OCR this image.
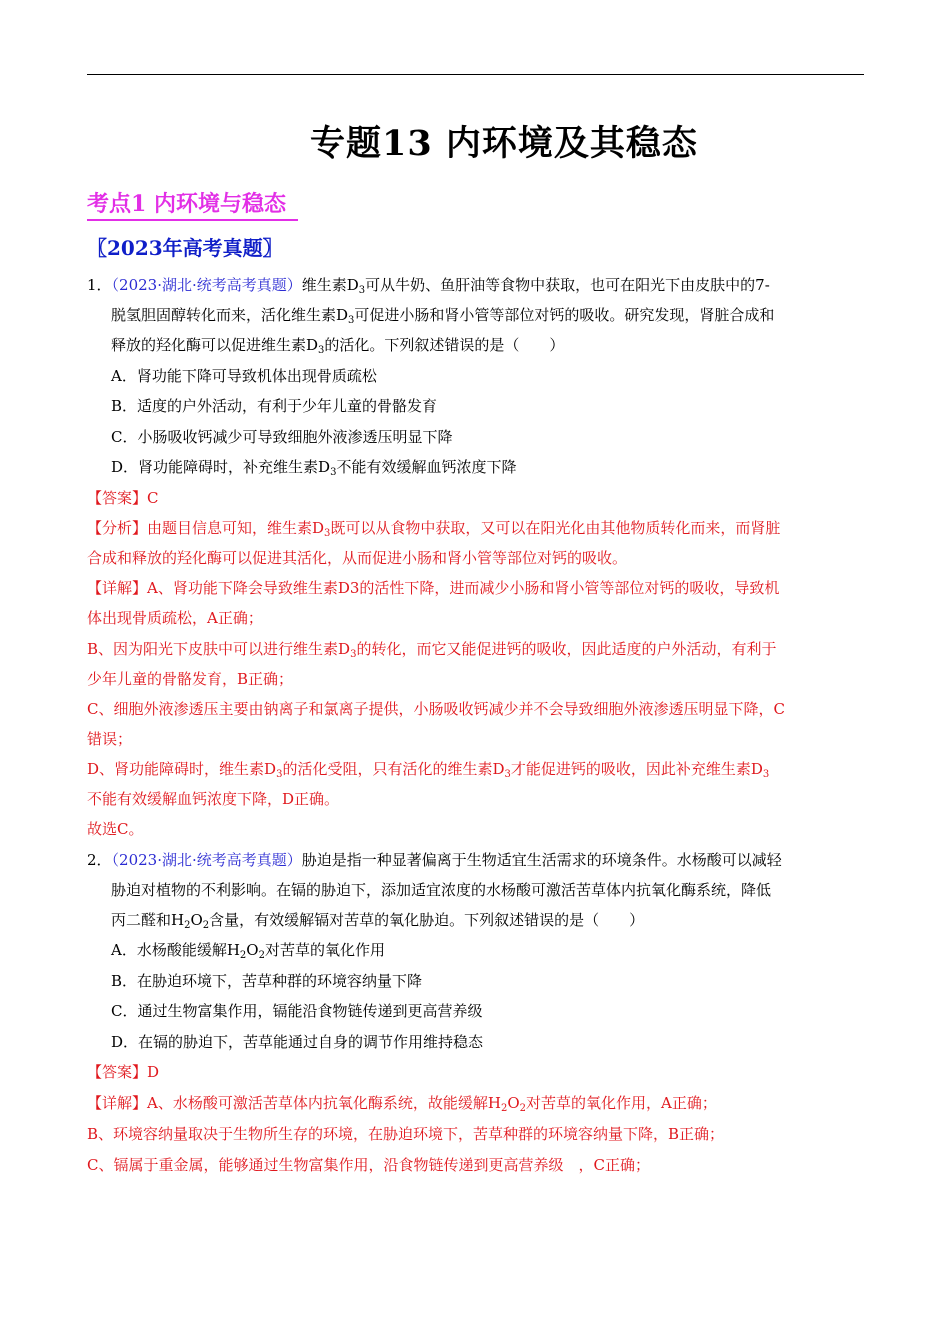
专题13 内环境及其稳态
考点1 内环境与稳态
〖2023年高考真题〗
1．（2023·湖北·统考高考真题）维生素$D_3$可从牛奶、鱼肝油等食物中获取，也可在阳光下由皮肤中的7-
脱氢胆固醇转化而来，活化维生素$D_3$可促进小肠和肾小管等部位对钙的吸收。研究发现，肾脏合成和
释放的羟化酶可以促进维生素$D_3$的活化。下列叙述错误的是（　　）
A．肾功能下降可导致机体出现骨质疏松
B．适度的户外活动，有利于少年儿童的骨骼发育
C．小肠吸收钙减少可导致细胞外液渗透压明显下降
D．肾功能障碍时，补充维生素$D_3$不能有效缓解血钙浓度下降
【答案】C
【分析】由题目信息可知，维生素$D_3$既可以从食物中获取，又可以在阳光化由其他物质转化而来，而肾脏
合成和释放的羟化酶可以促进其活化，从而促进小肠和肾小管等部位对钙的吸收。
【详解】A、肾功能下降会导致维生素D3的活性下降，进而减少小肠和肾小管等部位对钙的吸收，导致机
体出现骨质疏松，A正确；
B、因为阳光下皮肤中可以进行维生素$D_3$的转化，而它又能促进钙的吸收，因此适度的户外活动，有利于
少年儿童的骨骼发育，B正确；
C、细胞外液渗透压主要由钠离子和氯离子提供，小肠吸收钙减少并不会导致细胞外液渗透压明显下降，C
错误；
D、肾功能障碍时，维生素$D_3$的活化受阻，只有活化的维生素$D_3$才能促进钙的吸收，因此补充维生素$D_3$
不能有效缓解血钙浓度下降，D正确。
故选C。
2．（2023·湖北·统考高考真题）胁迫是指一种显著偏离于生物适宜生活需求的环境条件。水杨酸可以减轻
胁迫对植物的不利影响。在镉的胁迫下，添加适宜浓度的水杨酸可激活苦草体内抗氧化酶系统，降低
丙二醛和$H_2O_2$含量，有效缓解镉对苦草的氧化胁迫。下列叙述错误的是（　　）
A．水杨酸能缓解$H_2O_2$对苦草的氧化作用
B．在胁迫环境下，苦草种群的环境容纳量下降
C．通过生物富集作用，镉能沿食物链传递到更高营养级
D．在镉的胁迫下，苦草能通过自身的调节作用维持稳态
【答案】D
【详解】A、水杨酸可激活苦草体内抗氧化酶系统，故能缓解$H_2O_2$对苦草的氧化作用，A正确；
B、环境容纳量取决于生物所生存的环境，在胁迫环境下，苦草种群的环境容纳量下降，B正确；
C、镉属于重金属，能够通过生物富集作用，沿食物链传递到更高营养级　，C正确；
